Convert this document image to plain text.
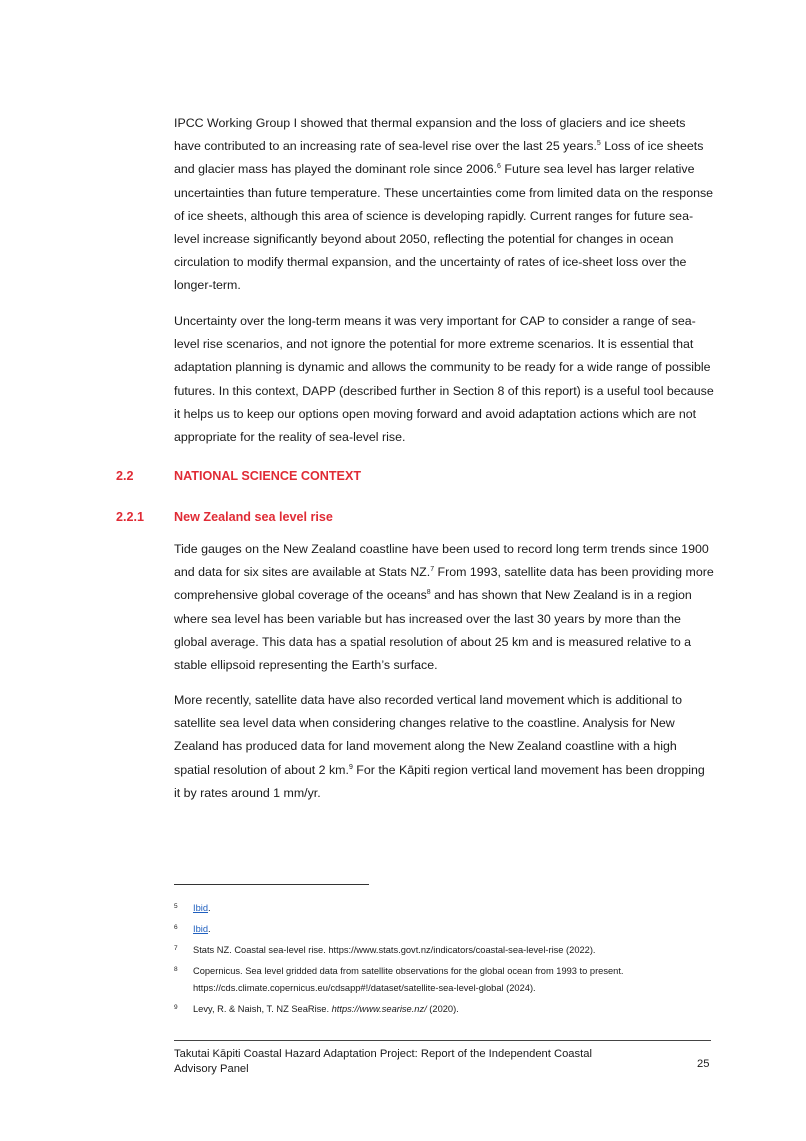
IPCC Working Group I showed that thermal expansion and the loss of glaciers and ice sheets have contributed to an increasing rate of sea-level rise over the last 25 years.$^5$ Loss of ice sheets and glacier mass has played the dominant role since 2006.$^6$ Future sea level has larger relative uncertainties than future temperature. These uncertainties come from limited data on the response of ice sheets, although this area of science is developing rapidly. Current ranges for future sea-level increase significantly beyond about 2050, reflecting the potential for changes in ocean circulation to modify thermal expansion, and the uncertainty of rates of ice-sheet loss over the longer-term.

Uncertainty over the long-term means it was very important for CAP to consider a range of sea-level rise scenarios, and not ignore the potential for more extreme scenarios. It is essential that adaptation planning is dynamic and allows the community to be ready for a wide range of possible futures. In this context, DAPP (described further in Section 8 of this report) is a useful tool because it helps us to keep our options open moving forward and avoid adaptation actions which are not appropriate for the reality of sea-level rise.

2.2	NATIONAL SCIENCE CONTEXT
2.2.1 New Zealand sea level rise

Tide gauges on the New Zealand coastline have been used to record long term trends since 1900 and data for six sites are available at Stats NZ.$^7$ From 1993, satellite data has been providing more comprehensive global coverage of the oceans$^8$ and has shown that New Zealand is in a region where sea level has been variable but has increased over the last 30 years by more than the global average. This data has a spatial resolution of about 25 km and is measured relative to a stable ellipsoid representing the Earth’s surface.

More recently, satellite data have also recorded vertical land movement which is additional to satellite sea level data when considering changes relative to the coastline. Analysis for New Zealand has produced data for land movement along the New Zealand coastline with a high spatial resolution of about 2 km.$^9$ For the Kāpiti region vertical land movement has been dropping it by rates around 1 mm/yr.

5 Ibid.
6 Ibid.
7 Stats NZ. Coastal sea-level rise. https://www.stats.govt.nz/indicators/coastal-sea-level-rise (2022).
8 Copernicus. Sea level gridded data from satellite observations for the global ocean from 1993 to present. https://cds.climate.copernicus.eu/cdsapp#!/dataset/satellite-sea-level-global (2024).
9 Levy, R. & Naish, T. NZ SeaRise. https://www.searise.nz/ (2020).
Takutai Kāpiti Coastal Hazard Adaptation Project: Report of the Independent Coastal Advisory Panel	25
